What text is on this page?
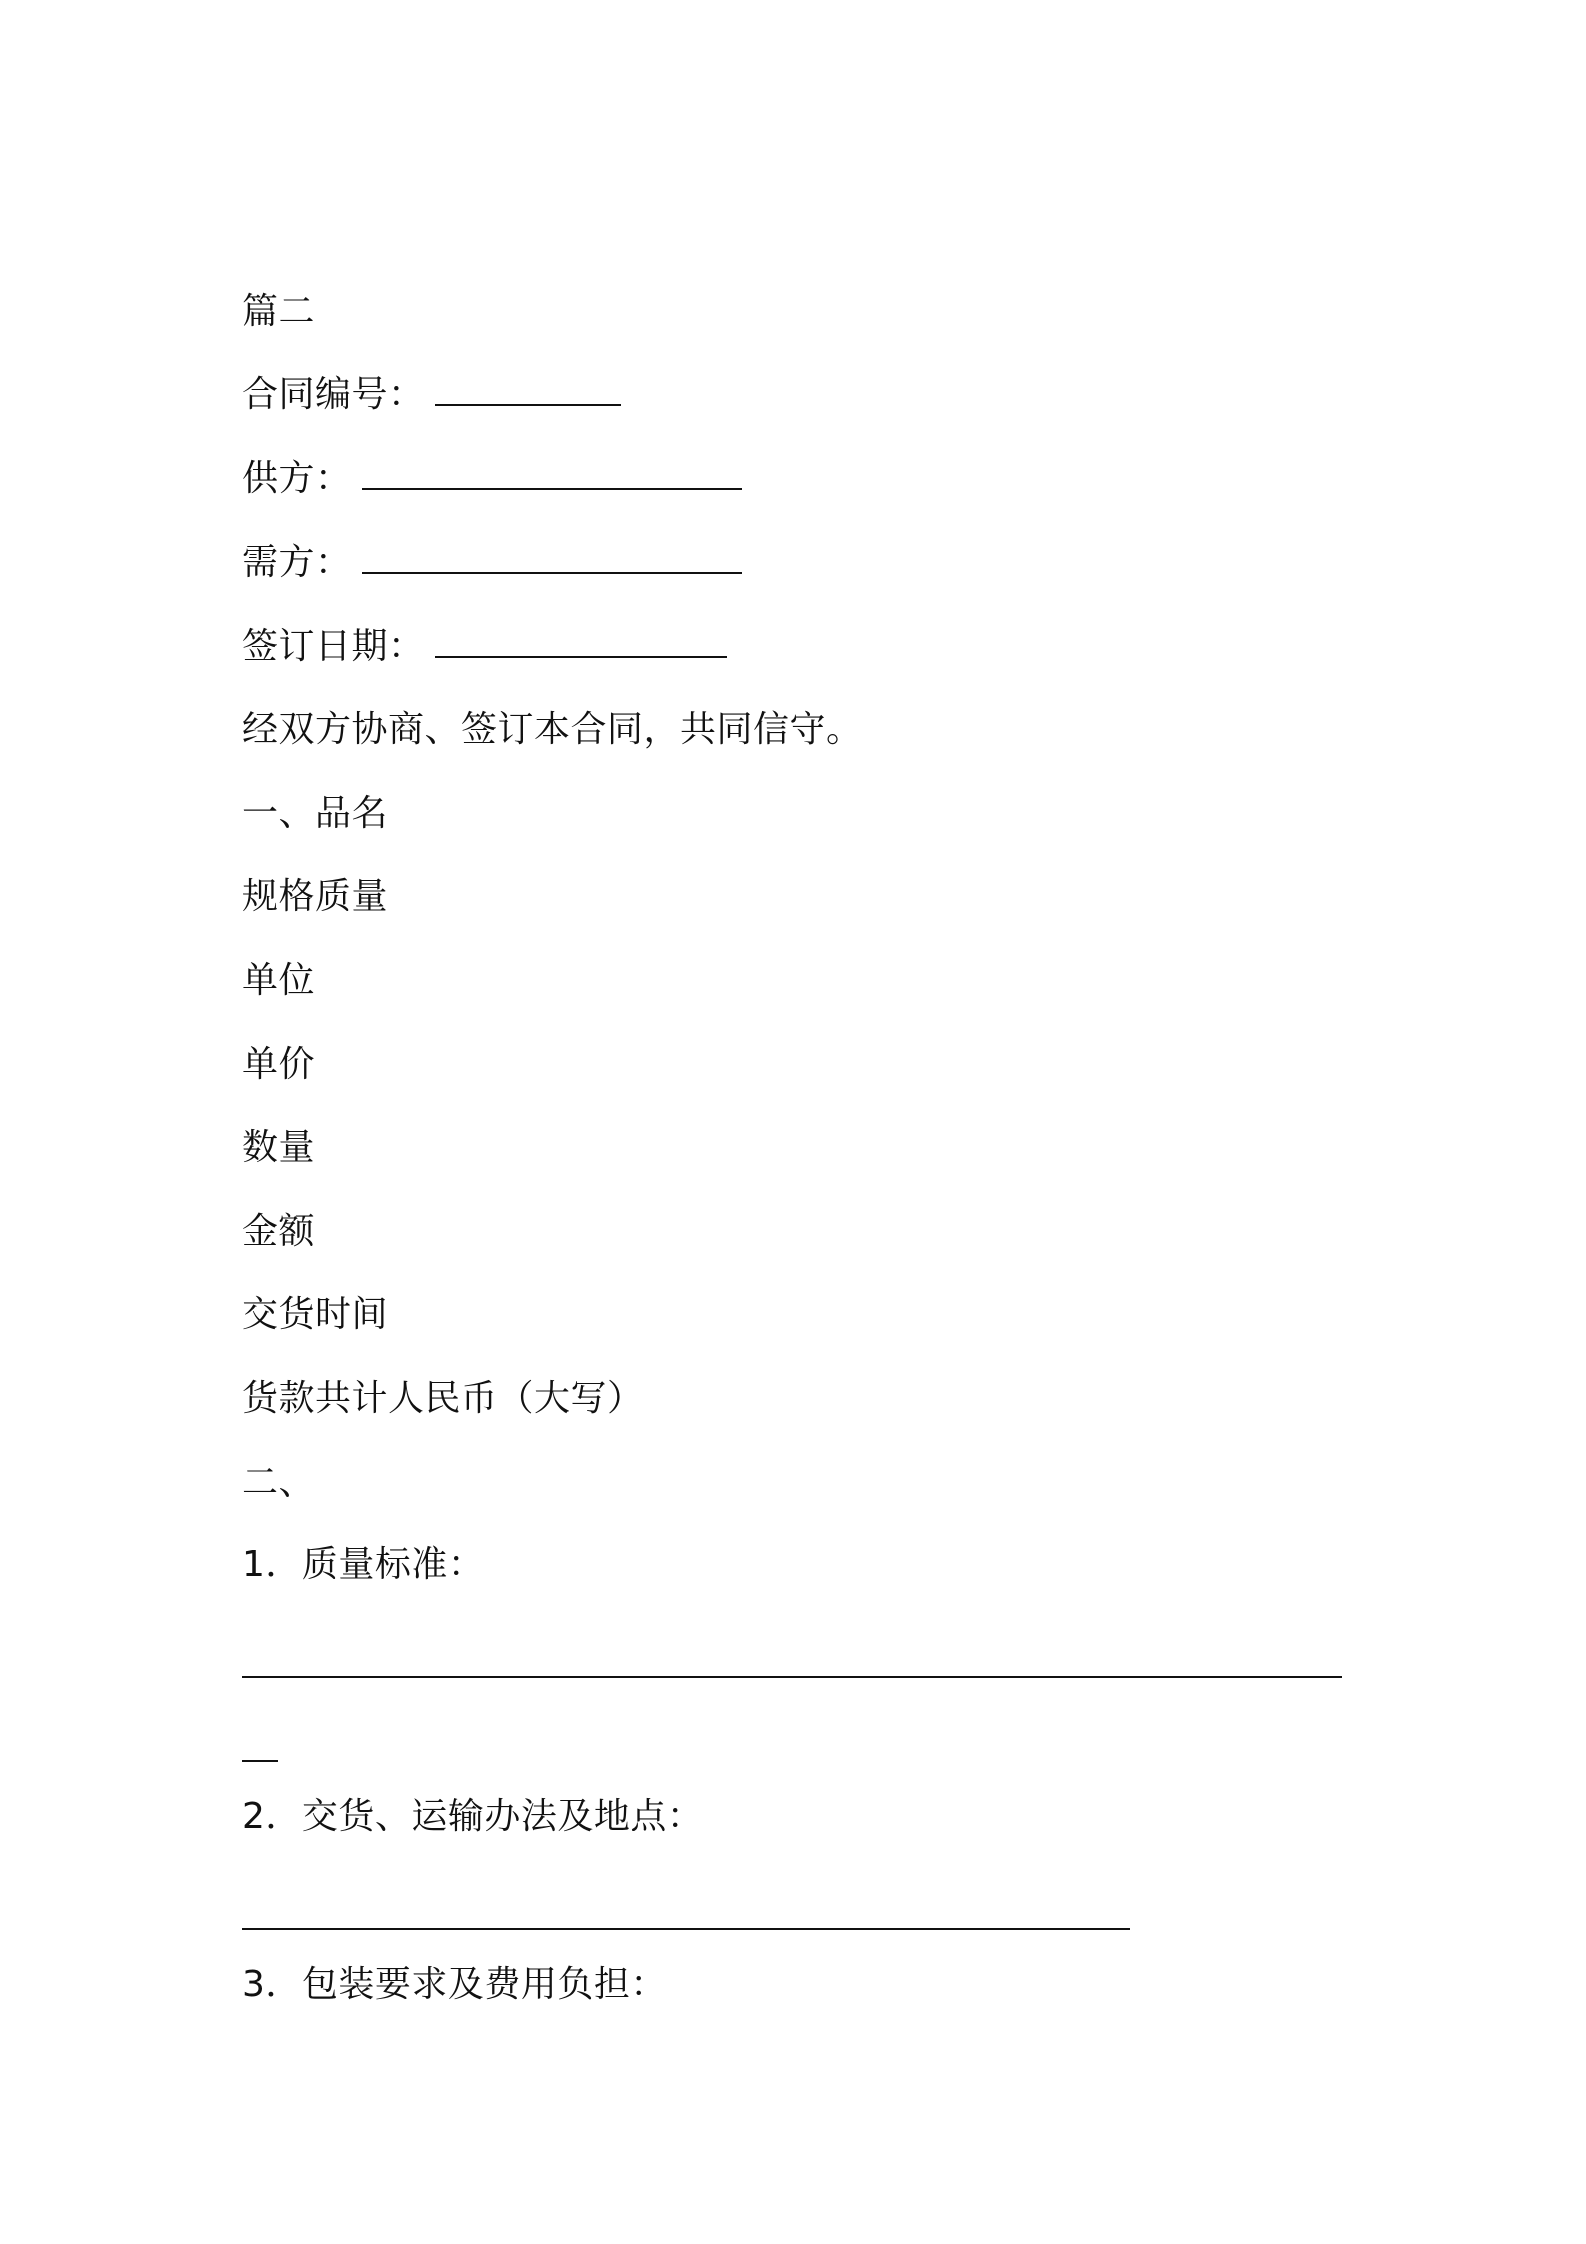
篇二
合同编号：
供方：
需方：
签订日期：
经双方协商、签订本合同，共同信守。
一、品名
规格质量
单位
单价
数量
金额
交货时间
货款共计人民币（大写）
二、
1．质量标准：
2．交货、运输办法及地点：
3．包装要求及费用负担：
